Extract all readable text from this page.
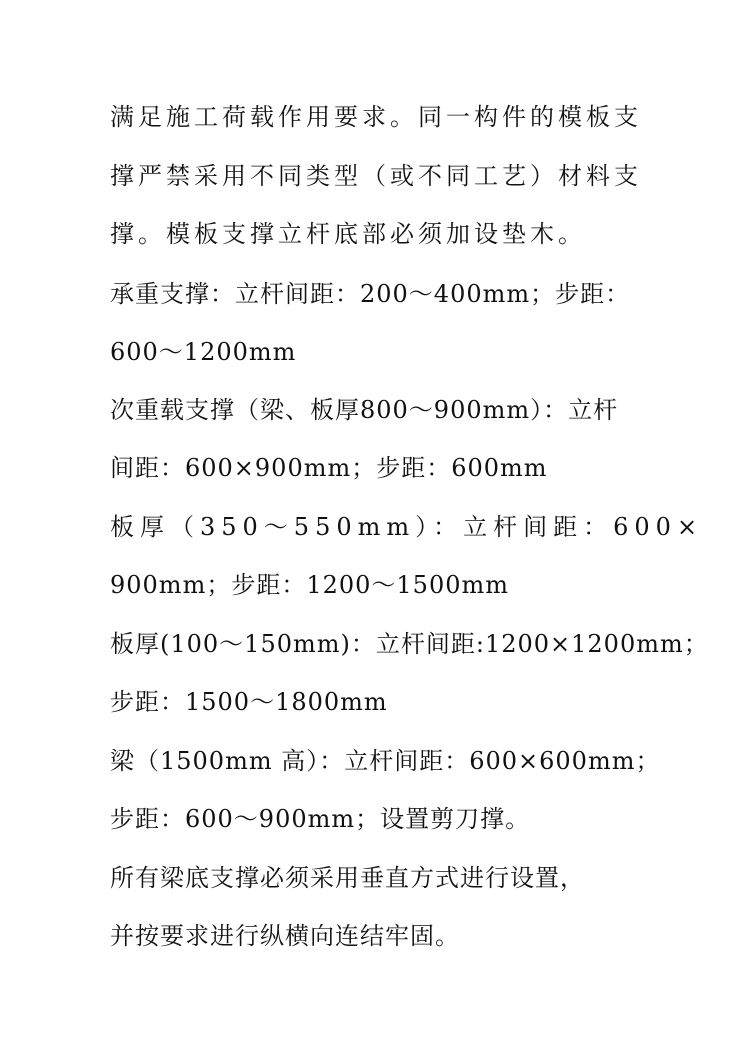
满足施工荷载作用要求。同一构件的模板支
撑严禁采用不同类型（或不同工艺）材料支
撑。模板支撑立杆底部必须加设垫木。
承重支撑：立杆间距：200～400mm；步距：
600～1200mm
次重载支撑（梁、板厚800～900mm）：立杆
间距：600×900mm；步距：600mm
板厚（350～550mm）：立杆间距：600×
900mm；步距：1200～1500mm
板厚(100～150mm)：立杆间距:1200×1200mm；
步距：1500～1800mm
梁（1500mm 高）：立杆间距：600×600mm；
步距：600～900mm；设置剪刀撑。
所有梁底支撑必须采用垂直方式进行设置，
并按要求进行纵横向连结牢固。
